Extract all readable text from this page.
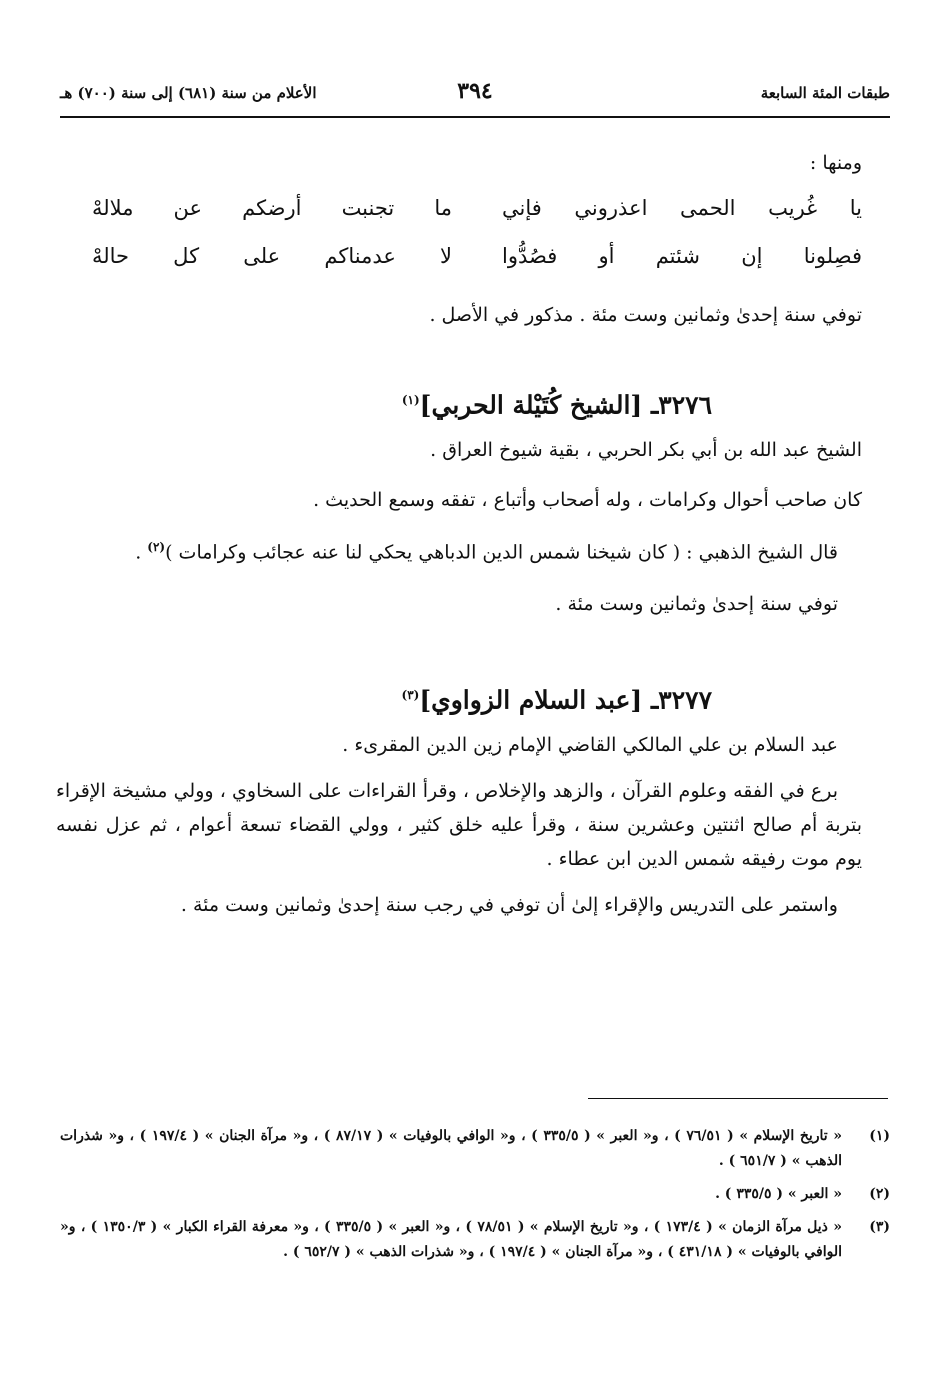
طبقات المئة السابعة
٣٩٤
الأعلام من سنة (٦٨١) إلى سنة (٧٠٠) هـ
ومنها :
يا غُريب الحمى اعذروني فإني
ما تجنبت أرضكم عن ملالهْ
فصِلونا إن شئتم أو فصُدُّوا
لا عدمناكم على كل حالهْ

توفي سنة إحدىٰ وثمانين وست مئة . مذكور في الأصل .

٣٢٧٦ـ [الشيخ كُتَيْلة الحربي]$^{(١)}$

الشيخ عبد الله بن أبي بكر الحربي ، بقية شيوخ العراق .

كان صاحب أحوال وكرامات ، وله أصحاب وأتباع ، تفقه وسمع الحديث .

قال الشيخ الذهبي : ( كان شيخنا شمس الدين الدباهي يحكي لنا عنه عجائب وكرامات )$^{(٢)}$ .

توفي سنة إحدىٰ وثمانين وست مئة .

٣٢٧٧ـ [عبد السلام الزواوي]$^{(٣)}$

عبد السلام بن علي المالكي القاضي الإمام زين الدين المقرىء .

برع في الفقه وعلوم القرآن ، والزهد والإخلاص ، وقرأ القراءات على السخاوي ، وولي مشيخة الإقراء بتربة أم صالح اثنتين وعشرين سنة ، وقرأ عليه خلق كثير ، وولي القضاء تسعة أعوام ، ثم عزل نفسه يوم موت رفيقه شمس الدين ابن عطاء .

واستمر على التدريس والإقراء إلىٰ أن توفي في رجب سنة إحدىٰ وثمانين وست مئة .

(١)
« تاريخ الإسلام » ( ٧٦/٥١ ) ، و« العبر » ( ٣٣٥/٥ ) ، و« الوافي بالوفيات » ( ٨٧/١٧ ) ، و« مرآة الجنان » ( ١٩٧/٤ ) ، و« شذرات الذهب » ( ٦٥١/٧ ) .
(٢)
« العبر » ( ٣٣٥/٥ ) .
(٣)
« ذيل مرآة الزمان » ( ١٧٣/٤ ) ، و« تاريخ الإسلام » ( ٧٨/٥١ ) ، و« العبر » ( ٣٣٥/٥ ) ، و« معرفة القراء الكبار » ( ١٣٥٠/٣ ) ، و« الوافي بالوفيات » ( ٤٣١/١٨ ) ، و« مرآة الجنان » ( ١٩٧/٤ ) ، و« شذرات الذهب » ( ٦٥٢/٧ ) .
